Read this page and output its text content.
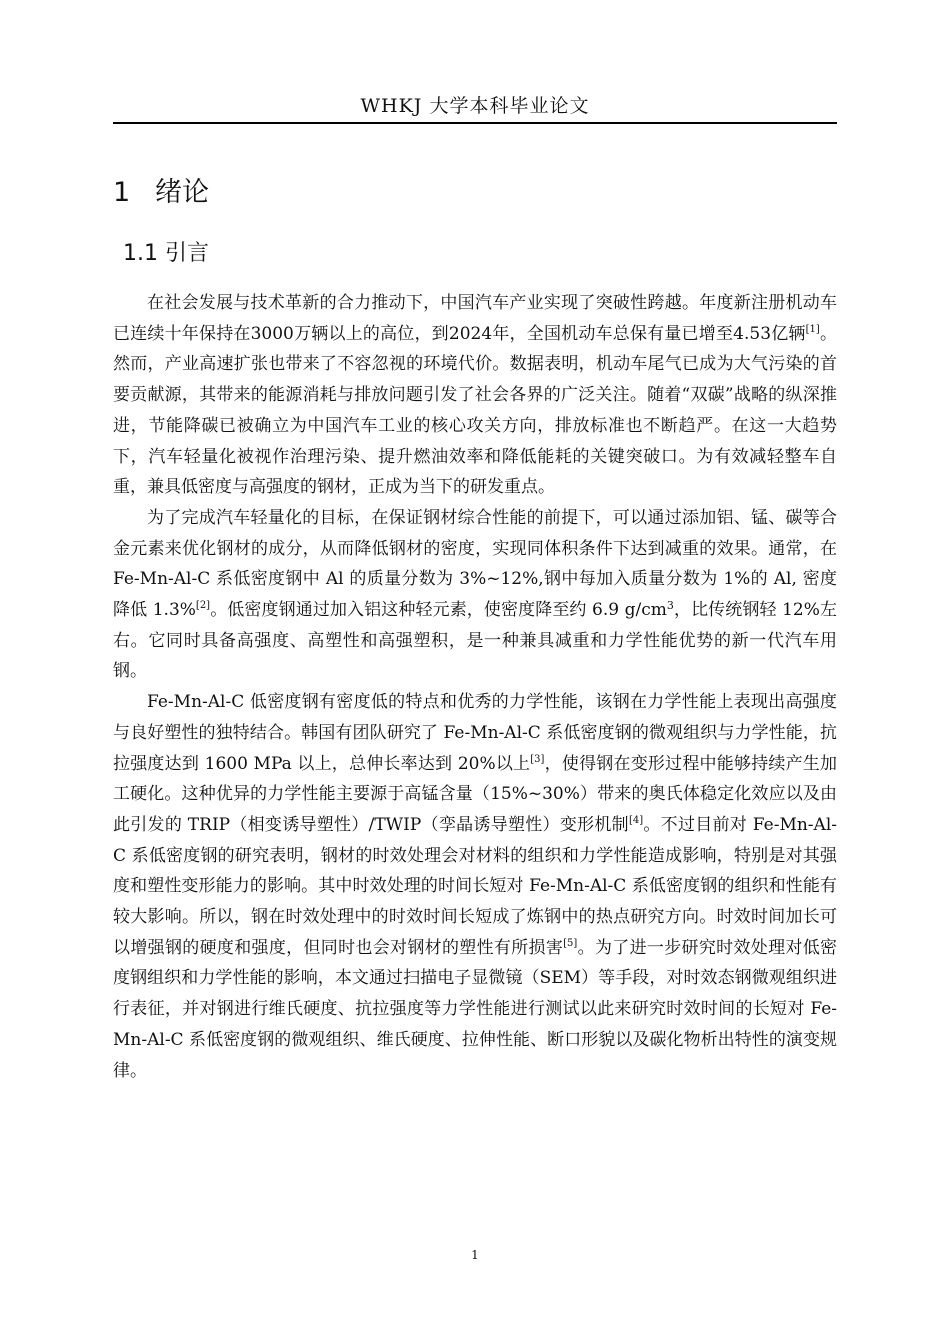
WHKJ 大学本科毕业论文
1 绪论
1.1 引言

在社会发展与技术革新的合力推动下，中国汽车产业实现了突破性跨越。年度新注册机动车已连续十年保持在3000万辆以上的高位，到2024年，全国机动车总保有量已增至4.53亿辆[1]。然而，产业高速扩张也带来了不容忽视的环境代价。数据表明，机动车尾气已成为大气污染的首要贡献源，其带来的能源消耗与排放问题引发了社会各界的广泛关注。随着“双碳”战略的纵深推进，节能降碳已被确立为中国汽车工业的核心攻关方向，排放标准也不断趋严。在这一大趋势下，汽车轻量化被视作治理污染、提升燃油效率和降低能耗的关键突破口。为有效减轻整车自重，兼具低密度与高强度的钢材，正成为当下的研发重点。

为了完成汽车轻量化的目标，在保证钢材综合性能的前提下，可以通过添加铝、锰、碳等合金元素来优化钢材的成分，从而降低钢材的密度，实现同体积条件下达到减重的效果。通常，在 Fe-Mn-Al-C 系低密度钢中 Al 的质量分数为 3%~12%,钢中每加入质量分数为 1%的 Al, 密度降低 1.3%[2]。低密度钢通过加入铝这种轻元素，使密度降至约 6.9 $g/cm^3$，比传统钢轻 12%左右。它同时具备高强度、高塑性和高强塑积，是一种兼具减重和力学性能优势的新一代汽车用钢。

Fe-Mn-Al-C 低密度钢有密度低的特点和优秀的力学性能，该钢在力学性能上表现出高强度与良好塑性的独特结合。韩国有团队研究了 Fe-Mn-Al-C 系低密度钢的微观组织与力学性能，抗拉强度达到 1600 MPa 以上，总伸长率达到 20%以上[3]，使得钢在变形过程中能够持续产生加工硬化。这种优异的力学性能主要源于高锰含量（15%~30%）带来的奥氏体稳定化效应以及由此引发的 TRIP（相变诱导塑性）/TWIP（孪晶诱导塑性）变形机制[4]。不过目前对 Fe-Mn-Al-C 系低密度钢的研究表明，钢材的时效处理会对材料的组织和力学性能造成影响，特别是对其强度和塑性变形能力的影响。其中时效处理的时间长短对 Fe-Mn-Al-C 系低密度钢的组织和性能有较大影响。所以，钢在时效处理中的时效时间长短成了炼钢中的热点研究方向。时效时间加长可以增强钢的硬度和强度，但同时也会对钢材的塑性有所损害[5]。为了进一步研究时效处理对低密度钢组织和力学性能的影响，本文通过扫描电子显微镜（SEM）等手段，对时效态钢微观组织进行表征，并对钢进行维氏硬度、抗拉强度等力学性能进行测试以此来研究时效时间的长短对 Fe-Mn-Al-C 系低密度钢的微观组织、维氏硬度、拉伸性能、断口形貌以及碳化物析出特性的演变规律。

1
